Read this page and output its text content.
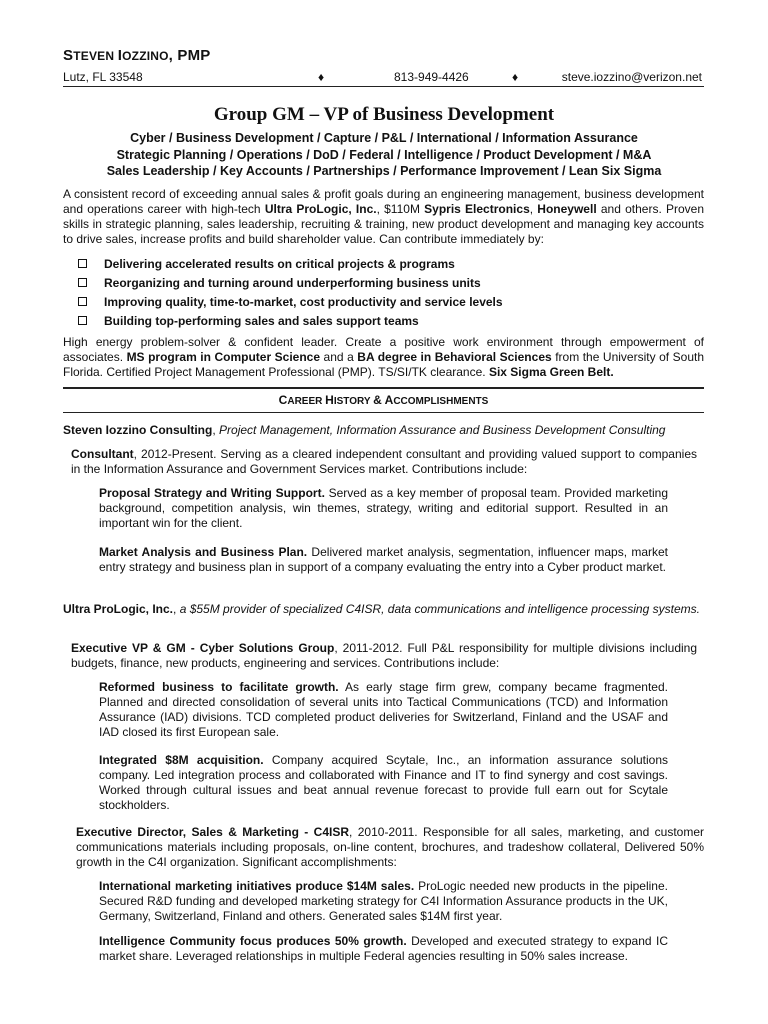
STEVEN IOZZINO, PMP
Lutz, FL 33548	♦	813-949-4426	♦	steve.iozzino@verizon.net
Group GM – VP of Business Development
Cyber / Business Development / Capture / P&L / International / Information Assurance
Strategic Planning / Operations / DoD / Federal / Intelligence / Product Development / M&A
Sales Leadership / Key Accounts / Partnerships / Performance Improvement / Lean Six Sigma
A consistent record of exceeding annual sales & profit goals during an engineering management, business development and operations career with high-tech Ultra ProLogic, Inc., $110M Sypris Electronics, Honeywell and others. Proven skills in strategic planning, sales leadership, recruiting & training, new product development and managing key accounts to drive sales, increase profits and build shareholder value. Can contribute immediately by:
Delivering accelerated results on critical projects & programs
Reorganizing and turning around underperforming business units
Improving quality, time-to-market, cost productivity and service levels
Building top-performing sales and sales support teams
High energy problem-solver & confident leader. Create a positive work environment through empowerment of associates. MS program in Computer Science and a BA degree in Behavioral Sciences from the University of South Florida. Certified Project Management Professional (PMP). TS/SI/TK clearance. Six Sigma Green Belt.
CAREER HISTORY & ACCOMPLISHMENTS
Steven Iozzino Consulting, Project Management, Information Assurance and Business Development Consulting
Consultant, 2012-Present. Serving as a cleared independent consultant and providing valued support to companies in the Information Assurance and Government Services market. Contributions include:
Proposal Strategy and Writing Support. Served as a key member of proposal team. Provided marketing background, competition analysis, win themes, strategy, writing and editorial support. Resulted in an important win for the client.
Market Analysis and Business Plan. Delivered market analysis, segmentation, influencer maps, market entry strategy and business plan in support of a company evaluating the entry into a Cyber product market.
Ultra ProLogic, Inc., a $55M provider of specialized C4ISR, data communications and intelligence processing systems.
Executive VP & GM - Cyber Solutions Group, 2011-2012. Full P&L responsibility for multiple divisions including budgets, finance, new products, engineering and services. Contributions include:
Reformed business to facilitate growth. As early stage firm grew, company became fragmented. Planned and directed consolidation of several units into Tactical Communications (TCD) and Information Assurance (IAD) divisions. TCD completed product deliveries for Switzerland, Finland and the USAF and IAD closed its first European sale.
Integrated $8M acquisition. Company acquired Scytale, Inc., an information assurance solutions company. Led integration process and collaborated with Finance and IT to find synergy and cost savings. Worked through cultural issues and beat annual revenue forecast to provide full earn out for Scytale stockholders.
Executive Director, Sales & Marketing - C4ISR, 2010-2011. Responsible for all sales, marketing, and customer communications materials including proposals, on-line content, brochures, and tradeshow collateral, Delivered 50% growth in the C4I organization. Significant accomplishments:
International marketing initiatives produce $14M sales. ProLogic needed new products in the pipeline. Secured R&D funding and developed marketing strategy for C4I Information Assurance products in the UK, Germany, Switzerland, Finland and others. Generated sales $14M first year.
Intelligence Community focus produces 50% growth. Developed and executed strategy to expand IC market share. Leveraged relationships in multiple Federal agencies resulting in 50% sales increase.
